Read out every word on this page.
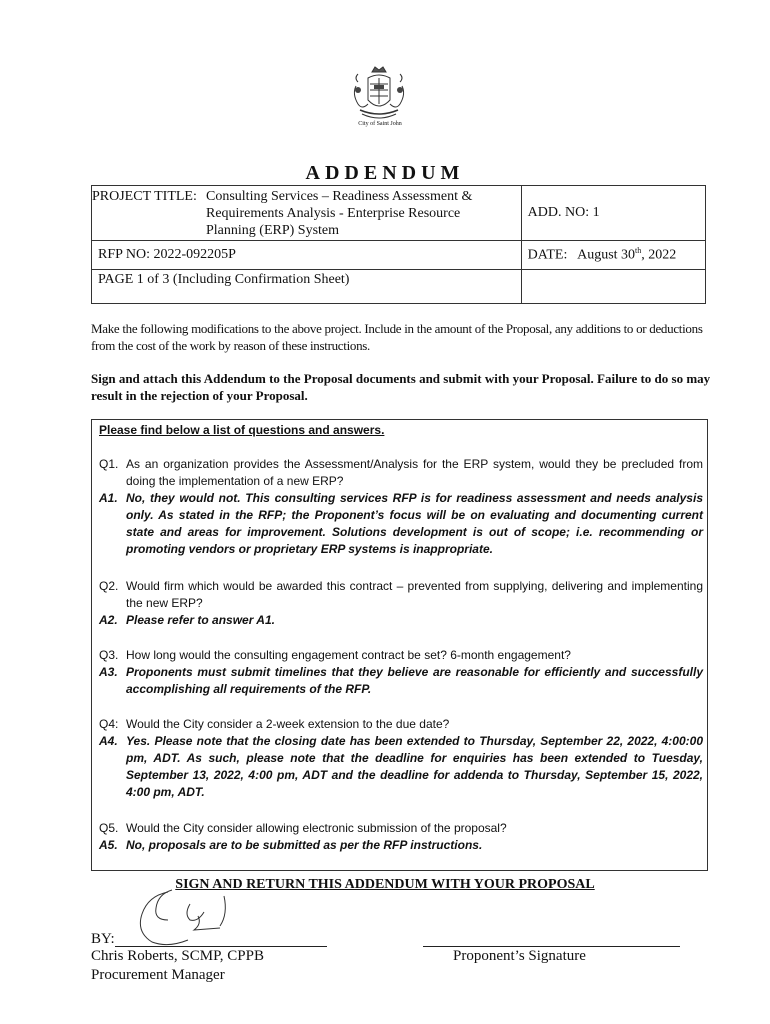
City of Saint John
ADDENDUM
PROJECT TITLE: Consulting Services – Readiness Assessment & Requirements Analysis - Enterprise Resource Planning (ERP) System	ADD. NO: 1
RFP NO: 2022-092205P	DATE: August 30th, 2022
PAGE 1 of 3 (Including Confirmation Sheet)	
Make the following modifications to the above project. Include in the amount of the Proposal, any additions to or deductions from the cost of the work by reason of these instructions.
Sign and attach this Addendum to the Proposal documents and submit with your Proposal. Failure to do so may result in the rejection of your Proposal.
Please find below a list of questions and answers.
Q1. As an organization provides the Assessment/Analysis for the ERP system, would they be precluded from doing the implementation of a new ERP?
A1. No, they would not. This consulting services RFP is for readiness assessment and needs analysis only. As stated in the RFP; the Proponent’s focus will be on evaluating and documenting current state and areas for improvement. Solutions development is out of scope; i.e. recommending or promoting vendors or proprietary ERP systems is inappropriate.
Q2. Would firm which would be awarded this contract – prevented from supplying, delivering and implementing the new ERP?
A2. Please refer to answer A1.
Q3. How long would the consulting engagement contract be set? 6-month engagement?
A3. Proponents must submit timelines that they believe are reasonable for efficiently and successfully accomplishing all requirements of the RFP.
Q4: Would the City consider a 2-week extension to the due date?
A4. Yes. Please note that the closing date has been extended to Thursday, September 22, 2022, 4:00:00 pm, ADT. As such, please note that the deadline for enquiries has been extended to Tuesday, September 13, 2022, 4:00 pm, ADT and the deadline for addenda to Thursday, September 15, 2022, 4:00 pm, ADT.
Q5. Would the City consider allowing electronic submission of the proposal?
A5. No, proposals are to be submitted as per the RFP instructions.
SIGN AND RETURN THIS ADDENDUM WITH YOUR PROPOSAL
BY:
Chris Roberts, SCMP, CPPB
Procurement Manager
Proponent’s Signature
